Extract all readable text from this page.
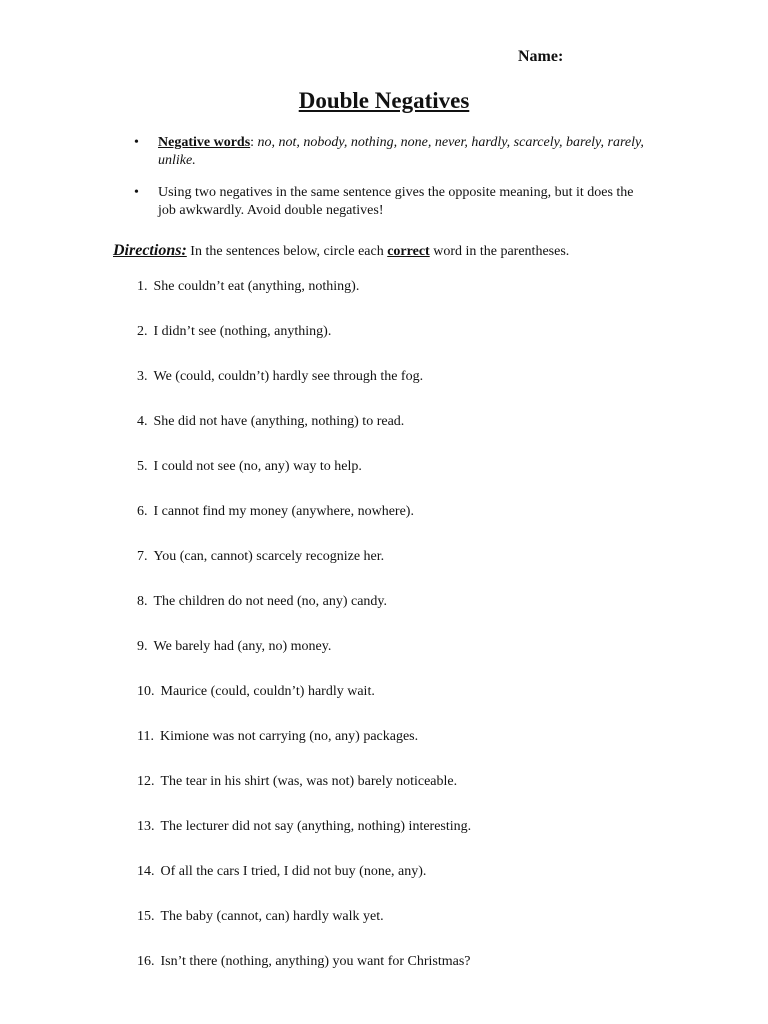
Name:
Double Negatives
• Negative words: no, not, nobody, nothing, none, never, hardly, scarcely, barely, rarely, unlike.
• Using two negatives in the same sentence gives the opposite meaning, but it does the job awkwardly. Avoid double negatives!
Directions: In the sentences below, circle each correct word in the parentheses.
1. She couldn’t eat (anything, nothing).
2. I didn’t see (nothing, anything).
3. We (could, couldn’t) hardly see through the fog.
4. She did not have (anything, nothing) to read.
5. I could not see (no, any) way to help.
6. I cannot find my money (anywhere, nowhere).
7. You (can, cannot) scarcely recognize her.
8. The children do not need (no, any) candy.
9. We barely had (any, no) money.
10. Maurice (could, couldn’t) hardly wait.
11. Kimione was not carrying (no, any) packages.
12. The tear in his shirt (was, was not) barely noticeable.
13. The lecturer did not say (anything, nothing) interesting.
14. Of all the cars I tried, I did not buy (none, any).
15. The baby (cannot, can) hardly walk yet.
16. Isn’t there (nothing, anything) you want for Christmas?
